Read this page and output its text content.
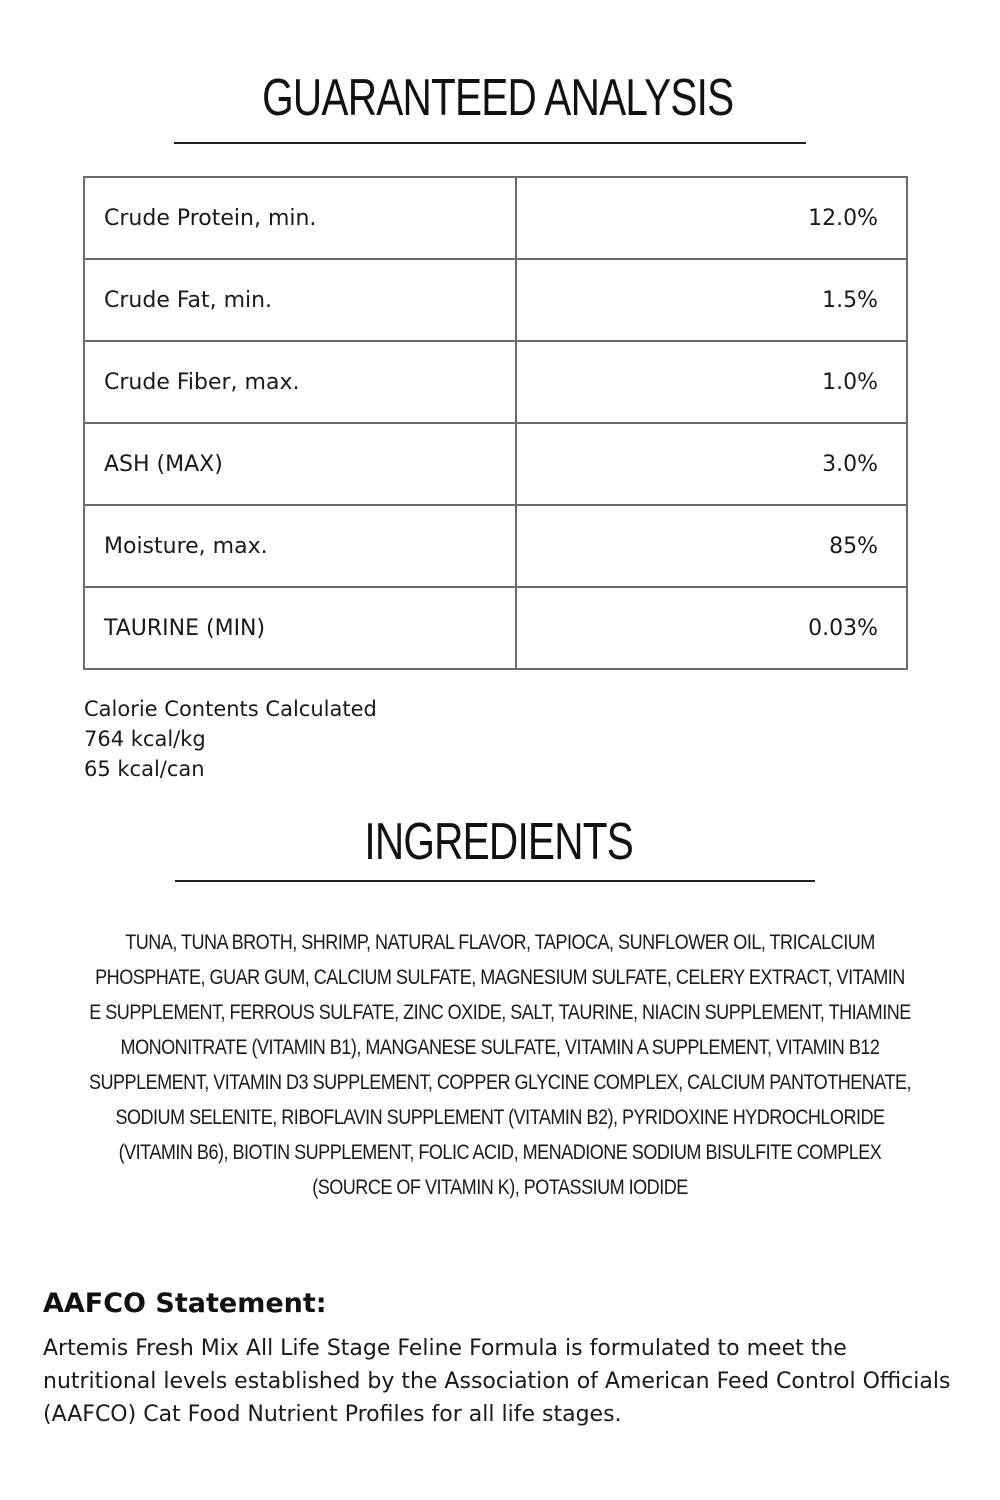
GUARANTEED ANALYSIS
Crude Protein, min.	12.0%
Crude Fat, min.	1.5%
Crude Fiber, max.	1.0%
ASH (MAX)	3.0%
Moisture, max.	85%
TAURINE (MIN)	0.03%
Calorie Contents Calculated
764 kcal/kg
65 kcal/can
INGREDIENTS

TUNA, TUNA BROTH, SHRIMP, NATURAL FLAVOR, TAPIOCA, SUNFLOWER OIL, TRICALCIUM PHOSPHATE, GUAR GUM, CALCIUM SULFATE, MAGNESIUM SULFATE, CELERY EXTRACT, VITAMIN E SUPPLEMENT, FERROUS SULFATE, ZINC OXIDE, SALT, TAURINE, NIACIN SUPPLEMENT, THIAMINE MONONITRATE (VITAMIN B1), MANGANESE SULFATE, VITAMIN A SUPPLEMENT, VITAMIN B12 SUPPLEMENT, VITAMIN D3 SUPPLEMENT, COPPER GLYCINE COMPLEX, CALCIUM PANTOTHENATE, SODIUM SELENITE, RIBOFLAVIN SUPPLEMENT (VITAMIN B2), PYRIDOXINE HYDROCHLORIDE (VITAMIN B6), BIOTIN SUPPLEMENT, FOLIC ACID, MENADIONE SODIUM BISULFITE COMPLEX (SOURCE OF VITAMIN K), POTASSIUM IODIDE

AAFCO Statement:
Artemis Fresh Mix All Life Stage Feline Formula is formulated to meet the nutritional levels established by the Association of American Feed Control Officials (AAFCO) Cat Food Nutrient Profiles for all life stages.
